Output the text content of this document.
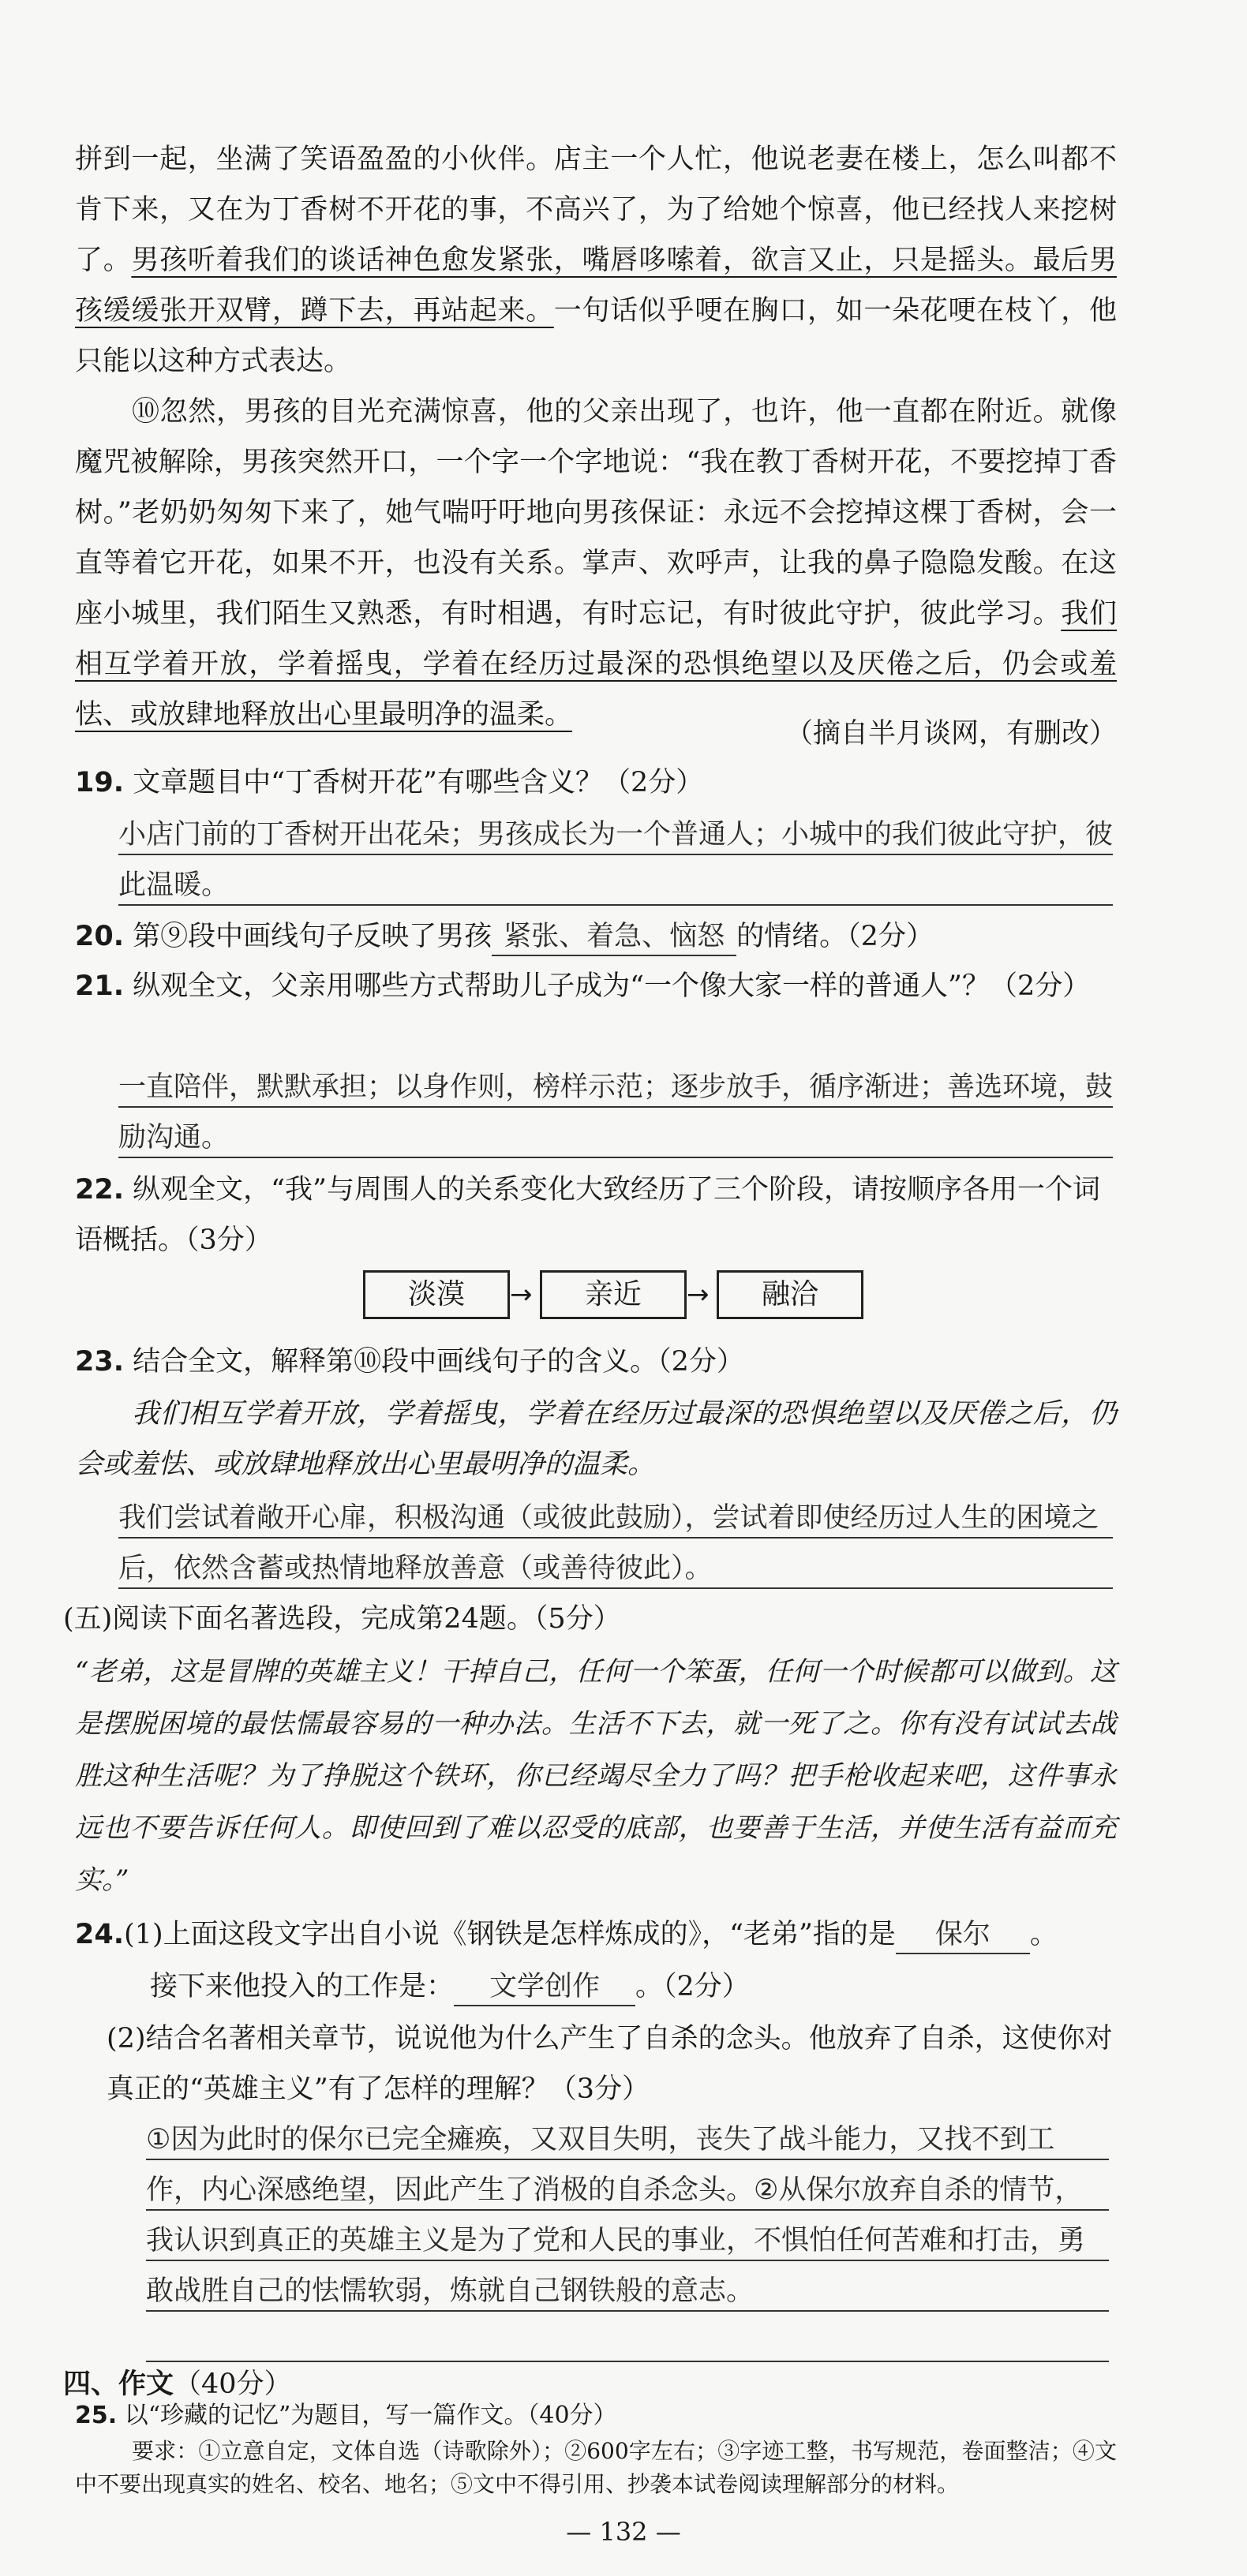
拼到一起，坐满了笑语盈盈的小伙伴。店主一个人忙，他说老妻在楼上，怎么叫都不肯下来，又在为丁香树不开花的事，不高兴了，为了给她个惊喜，他已经找人来挖树了。男孩听着我们的谈话神色愈发紧张，嘴唇哆嗦着，欲言又止，只是摇头。最后男孩缓缓张开双臂，蹲下去，再站起来。一句话似乎哽在胸口，如一朵花哽在枝丫，他只能以这种方式表达。

⑩忽然，男孩的目光充满惊喜，他的父亲出现了，也许，他一直都在附近。就像魔咒被解除，男孩突然开口，一个字一个字地说：“我在教丁香树开花，不要挖掉丁香树。”老奶奶匆匆下来了，她气喘吁吁地向男孩保证：永远不会挖掉这棵丁香树，会一直等着它开花，如果不开，也没有关系。掌声、欢呼声，让我的鼻子隐隐发酸。在这座小城里，我们陌生又熟悉，有时相遇，有时忘记，有时彼此守护，彼此学习。我们相互学着开放，学着摇曳，学着在经历过最深的恐惧绝望以及厌倦之后，仍会或羞怯、或放肆地释放出心里最明净的温柔。

（摘自半月谈网，有删改）

19. 文章题目中“丁香树开花”有哪些含义？（2分）

小店门前的丁香树开出花朵；男孩成长为一个普通人；小城中的我们彼此守护，彼此温暖。

20. 第⑨段中画线句子反映了男孩 紧张、着急、恼怒 的情绪。（2分）

21. 纵观全文，父亲用哪些方式帮助儿子成为“一个像大家一样的普通人”？（2分）

一直陪伴，默默承担；以身作则，榜样示范；逐步放手，循序渐进；善选环境，鼓励沟通。

22. 纵观全文，“我”与周围人的关系变化大致经历了三个阶段，请按顺序各用一个词语概括。（3分）

淡漠	→	亲近	→	融洽

23. 结合全文，解释第⑩段中画线句子的含义。（2分）

我们相互学着开放，学着摇曳，学着在经历过最深的恐惧绝望以及厌倦之后，仍会或羞怯、或放肆地释放出心里最明净的温柔。

我们尝试着敞开心扉，积极沟通（或彼此鼓励），尝试着即使经历过人生的困境之后，依然含蓄或热情地释放善意（或善待彼此）。

(五)阅读下面名著选段，完成第24题。（5分）

“老弟，这是冒牌的英雄主义！干掉自己，任何一个笨蛋，任何一个时候都可以做到。这是摆脱困境的最怯懦最容易的一种办法。生活不下去，就一死了之。你有没有试试去战胜这种生活呢？为了挣脱这个铁环，你已经竭尽全力了吗？把手枪收起来吧，这件事永远也不要告诉任何人。即使回到了难以忍受的底部，也要善于生活，并使生活有益而充实。”

24.(1)上面这段文字出自小说《钢铁是怎样炼成的》，“老弟”指的是 保尔 。

接下来他投入的工作是： 文学创作 。（2分）

(2)结合名著相关章节，说说他为什么产生了自杀的念头。他放弃了自杀，这使你对真正的“英雄主义”有了怎样的理解？（3分）

①因为此时的保尔已完全瘫痪，又双目失明，丧失了战斗能力，又找不到工作，内心深感绝望，因此产生了消极的自杀念头。②从保尔放弃自杀的情节，我认识到真正的英雄主义是为了党和人民的事业，不惧怕任何苦难和打击，勇敢战胜自己的怯懦软弱，炼就自己钢铁般的意志。

四、作文（40分）

25. 以“珍藏的记忆”为题目，写一篇作文。（40分）

要求：①立意自定，文体自选（诗歌除外）；②600字左右；③字迹工整，书写规范，卷面整洁；④文中不要出现真实的姓名、校名、地名；⑤文中不得引用、抄袭本试卷阅读理解部分的材料。

— 132 —
